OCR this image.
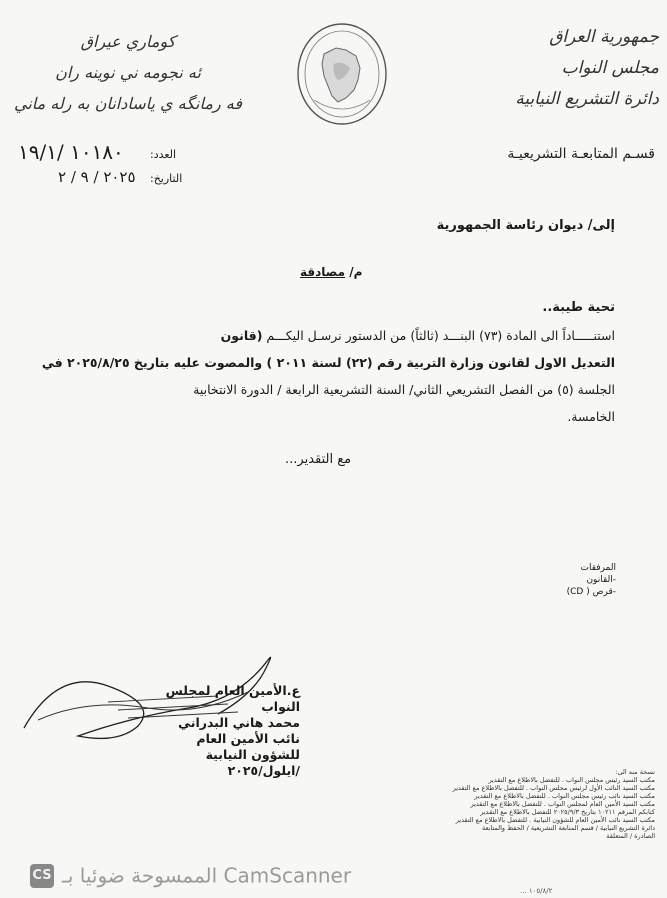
جمهورية العراق
مجلس النواب
دائرة التشريع النيابية
كوماري عيراق
ئه نجومه ني نوينه ران
فه رمانگه ي ياسادانان به رله ماني
قسـم المتابعـة التشريعيـة
العدد:
١٠١٨٠ /١٩/١
التاريخ:
٢٠٢٥ / ٩ / ٢
إلى/ ديوان رئاسة الجمهورية
م/ مصادقة
تحية طيبة..
استنـــــاداً الى المادة (٧٣) البنـــد (ثالثاً) من الدستور نرسـل اليكـــم (قانون
التعديل الاول لقانون وزارة التربية رقم (٢٢) لسنة ٢٠١١ ) والمصوت عليه بتاريخ ٢٠٢٥/٨/٢٥ في
الجلسة (٥) من الفصل التشريعي الثاني/ السنة التشريعية الرابعة / الدورة الانتخابية
الخامسة.
مع التقدير...
المرفقات
-القانون
-قرص ( CD)
ع.الأمين العام لمجلس النواب
محمد هاني البدراني
نائب الأمين العام للشؤون النيابية
/ايلول/٢٠٢٥	نسخة منه الى:
مكتب السيد رئيس مجلس النواب . للتفضل بالاطلاع مع التقدير
مكتب السيد النائب الأول لرئيس مجلس النواب . للتفضل بالاطلاع مع التقدير
مكتب السيد نائب رئيس مجلس النواب . للتفضل بالاطلاع مع التقدير
مكتب السيد الأمين العام لمجلس النواب . للتفضل بالاطلاع مع التقدير
كتابكم المرقم ١٠٢١١ بتاريخ ٢٠٢٥/٩/٣ للتفضل بالاطلاع مع التقدير
مكتب السيد نائب الأمين العام للشؤون النيابية . للتفضل بالاطلاع مع التقدير
دائرة التشريع النيابية / قسم المتابعة التشريعية / الحفظ والمتابعة
الصادرة / المتعلقة
CS الممسوحة ضوئيا بـ CamScanner
١٠٥/٨/٢ ...
